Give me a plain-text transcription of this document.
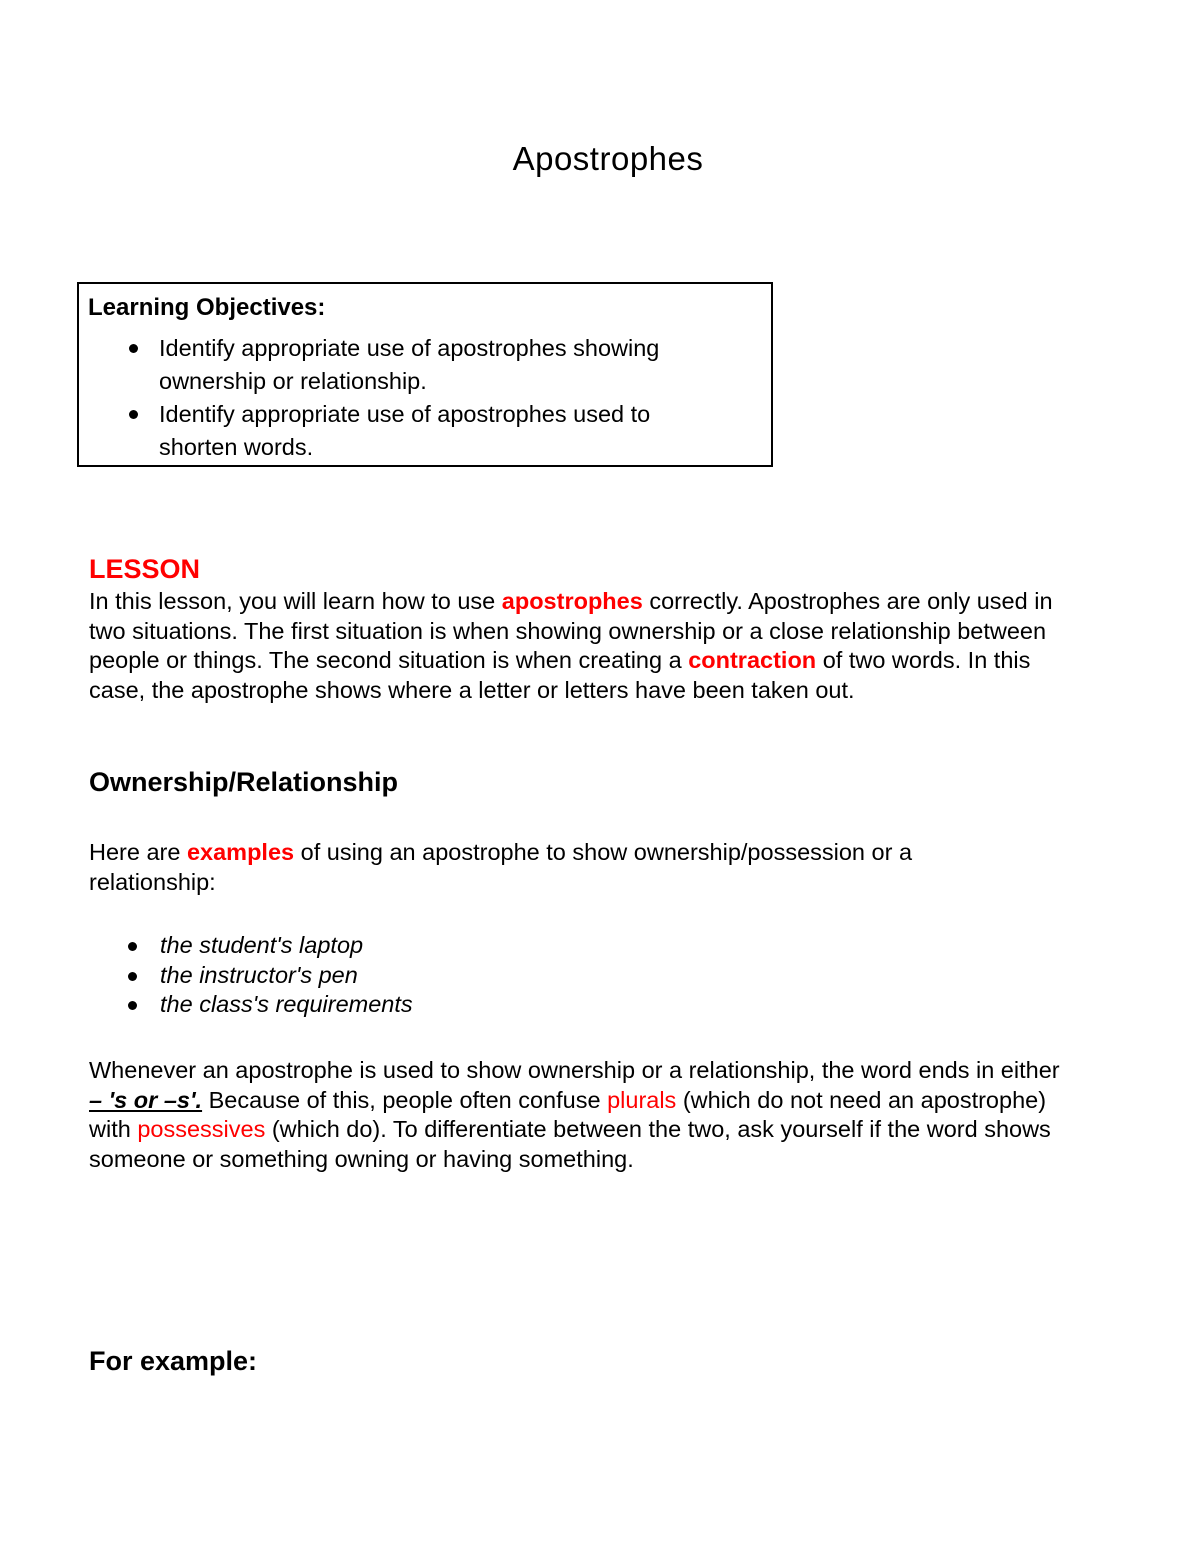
Apostrophes

Learning Objectives:

Identify appropriate use of apostrophes showing ownership or relationship.
Identify appropriate use of apostrophes used to shorten words.
LESSON

In this lesson, you will learn how to use apostrophes correctly. Apostrophes are only used in two situations. The first situation is when showing ownership or a close relationship between people or things. The second situation is when creating a contraction of two words. In this case, the apostrophe shows where a letter or letters have been taken out.

Ownership/Relationship

Here are examples of using an apostrophe to show ownership/possession or a relationship:

the student's laptop
the instructor's pen
the class's requirements

Whenever an apostrophe is used to show ownership or a relationship, the word ends in either – 's or –s'. Because of this, people often confuse plurals (which do not need an apostrophe) with possessives (which do). To differentiate between the two, ask yourself if the word shows someone or something owning or having something.

For example:
